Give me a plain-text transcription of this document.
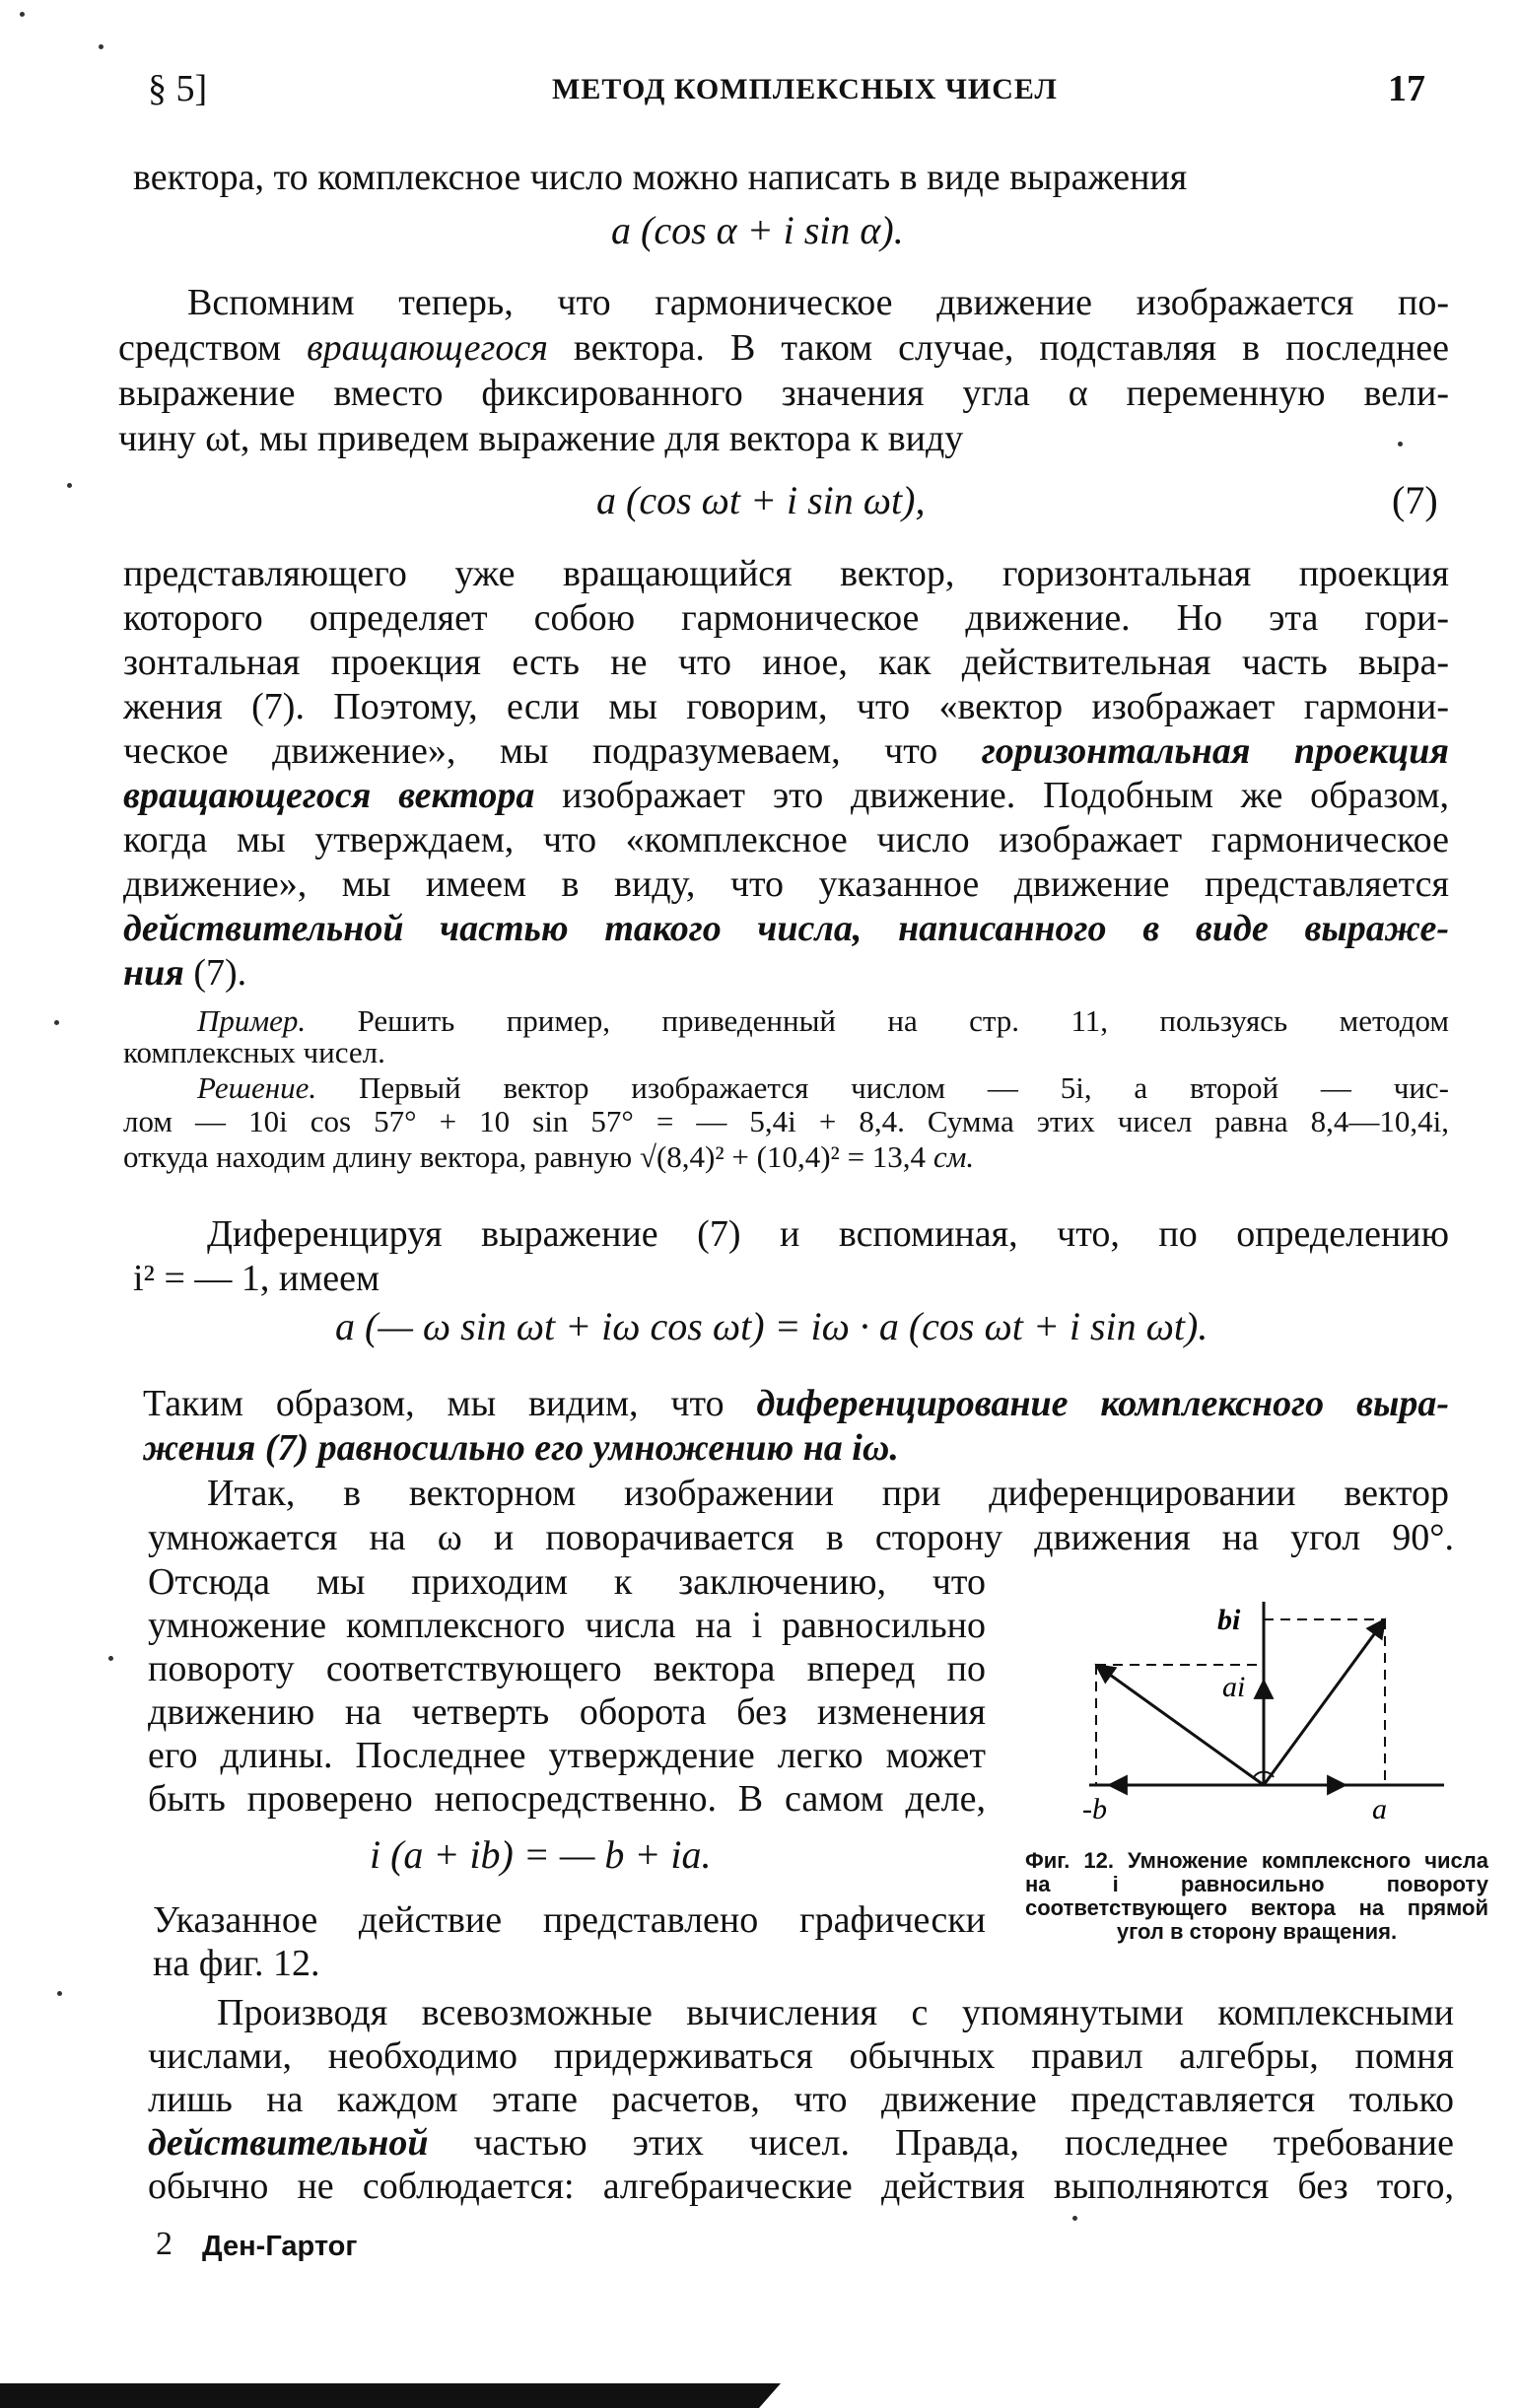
§ 5]	МЕТОД КОМПЛЕКСНЫХ ЧИСЕЛ	17
вектора, то комплексное число можно написать в виде выражения
a (cos α + i sin α).
Вспомним теперь, что гармоническое движение изображается по-
средством вращающегося вектора. В таком случае, подставляя в последнее
выражение вместо фиксированного значения угла α переменную вели-
чину ωt, мы приведем выражение для вектора к виду
a (cos ωt + i sin ωt),	(7)
представляющего уже вращающийся вектор, горизонтальная проекция
которого определяет собою гармоническое движение. Но эта гори-
зонтальная проекция есть не что иное, как действительная часть выра-
жения (7). Поэтому, если мы говорим, что «вектор изображает гармони-
ческое движение», мы подразумеваем, что горизонтальная проекция
вращающегося вектора изображает это движение. Подобным же образом,
когда мы утверждаем, что «комплексное число изображает гармоническое
движение», мы имеем в виду, что указанное движение представляется
действительной частью такого числа, написанного в виде выраже-
ния (7).
Пример. Решить пример, приведенный на стр. 11, пользуясь методом
комплексных чисел.
Решение. Первый вектор изображается числом — 5i, а второй — чис-
лом — 10i cos 57° + 10 sin 57° = — 5,4i + 8,4. Сумма этих чисел равна 8,4—10,4i,
откуда находим длину вектора, равную √(8,4)² + (10,4)² = 13,4 см.
Диференцируя выражение (7) и вспоминая, что, по определению
i² = — 1, имеем
a (— ω sin ωt + iω cos ωt) = iω · a (cos ωt + i sin ωt).
Таким образом, мы видим, что диференцирование комплексного выра-
жения (7) равносильно его умножению на iω.
Итак, в векторном изображении при диференцировании вектор
умножается на ω и поворачивается в сторону движения на угол 90°.
Отсюда мы приходим к заключению, что
умножение комплексного числа на i равносильно
повороту соответствующего вектора вперед по
движению на четверть оборота без изменения
его длины. Последнее утверждение легко может
быть проверено непосредственно. В самом деле,
i (a + ib) = — b + ia.
Указанное действие представлено графически
на фиг. 12.
bi
ai
-b	a
Фиг. 12. Умножение комплексного числа на i равносильно повороту соответствующего вектора на прямой угол в сторону вращения.
Производя всевозможные вычисления с упомянутыми комплексными
числами, необходимо придерживаться обычных правил алгебры, помня
лишь на каждом этапе расчетов, что движение представляется только
действительной частью этих чисел. Правда, последнее требование
обычно не соблюдается: алгебраические действия выполняются без того,
2 Ден-Гартог
